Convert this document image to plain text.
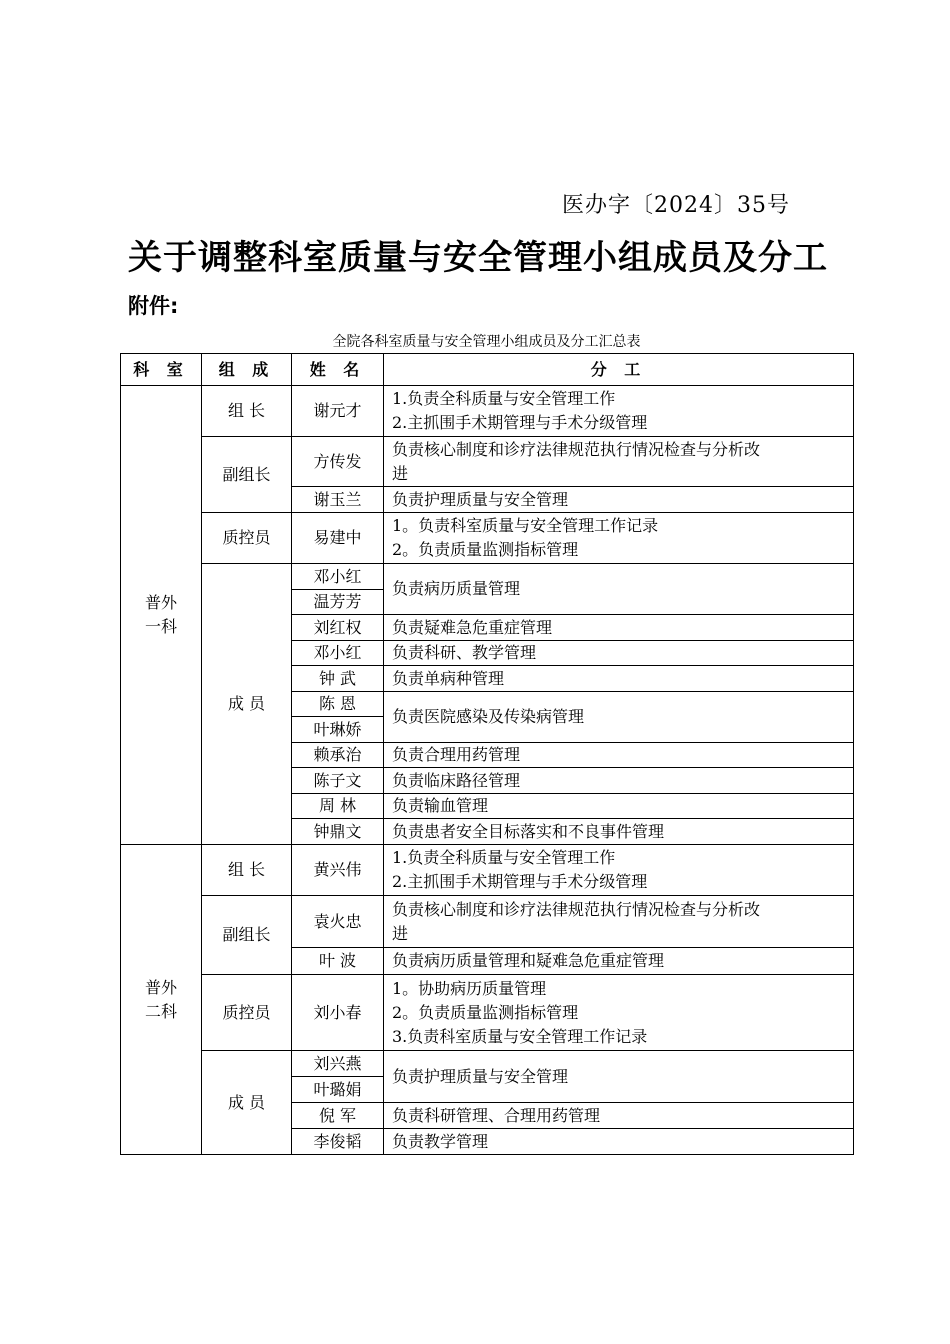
医办字〔2024〕35号
关于调整科室质量与安全管理小组成员及分工
附件:
全院各科室质量与安全管理小组成员及分工汇总表
科 室	组 成	姓 名	分 工

普外
一科	组 长	谢元才	1.负责全科质量与安全管理工作
2.主抓围手术期管理与手术分级管理

	副组长	方传发	负责核心制度和诊疗法律规范执行情况检查与分析改
进

		谢玉兰	负责护理质量与安全管理
	质控员	易建中	1。负责科室质量与安全管理工作记录
2。负责质量监测指标管理

	成 员	邓小红	负责病历质量管理
		温芳芳	
		刘红权	负责疑难急危重症管理
		邓小红	负责科研、教学管理
		钟 武	负责单病种管理
		陈 恩	负责医院感染及传染病管理
		叶琳娇	
		赖承治	负责合理用药管理
		陈子文	负责临床路径管理
		周 林	负责输血管理
		钟鼎文	负责患者安全目标落实和不良事件管理

普外
二科	组 长	黄兴伟	1.负责全科质量与安全管理工作
2.主抓围手术期管理与手术分级管理

	副组长	袁火忠	负责核心制度和诊疗法律规范执行情况检查与分析改
进

		叶 波	负责病历质量管理和疑难急危重症管理
	质控员	刘小春	1。协助病历质量管理
2。负责质量监测指标管理
3.负责科室质量与安全管理工作记录

	成 员	刘兴燕	负责护理质量与安全管理
		叶璐娟	
		倪 军	负责科研管理、合理用药管理
		李俊韬	负责教学管理
